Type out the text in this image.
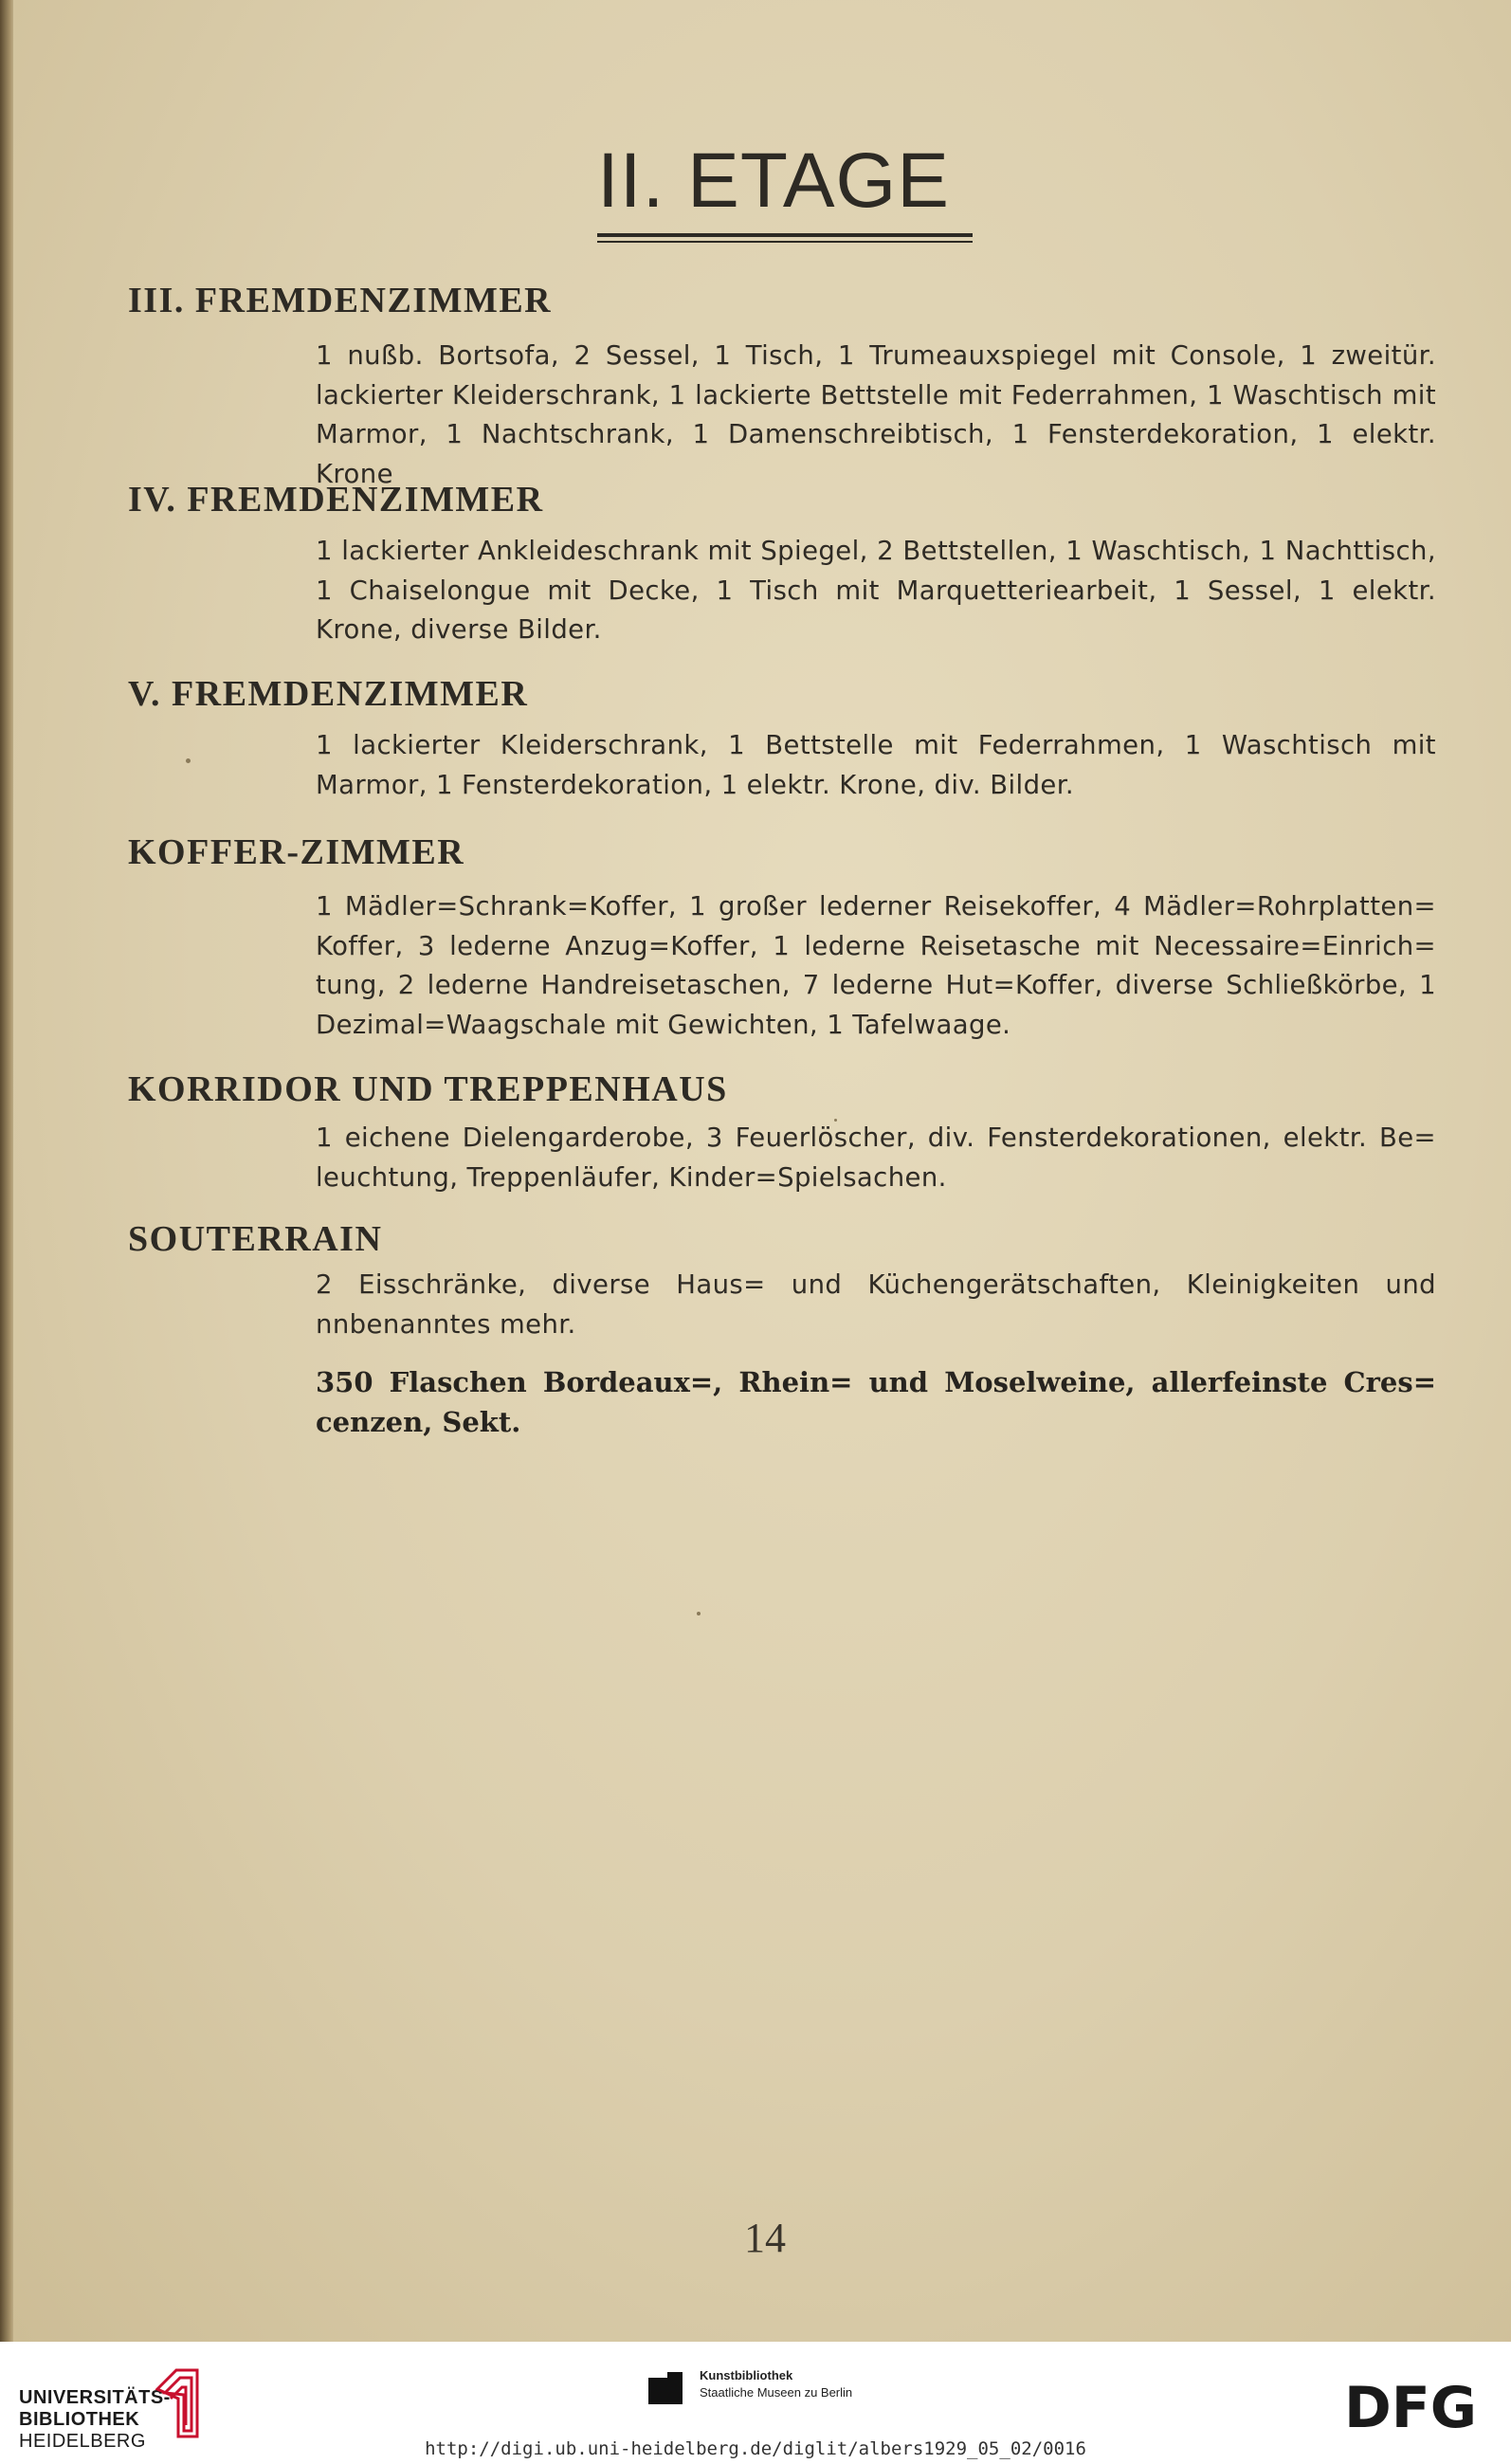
II. ETAGE
III. FREMDENZIMMER

1 nußb. Bortsofa, 2 Sessel, 1 Tisch, 1 Trumeauxspiegel mit Console, 1 zweitür. lackierter Kleiderschrank, 1 lackierte Bettstelle mit Federrahmen, 1 Waschtisch mit Marmor, 1 Nachtschrank, 1 Damenschreibtisch, 1 Fensterdekoration, 1 elektr. Krone

IV. FREMDENZIMMER

1 lackierter Ankleideschrank mit Spiegel, 2 Bettstellen, 1 Waschtisch, 1 Nachttisch, 1 Chaiselongue mit Decke, 1 Tisch mit Marquetteriearbeit, 1 Sessel, 1 elektr. Krone, diverse Bilder.

V. FREMDENZIMMER

1 lackierter Kleiderschrank, 1 Bettstelle mit Federrahmen, 1 Waschtisch mit Marmor, 1 Fensterdekoration, 1 elektr. Krone, div. Bilder.

KOFFER-ZIMMER

1 Mädler=Schrank=Koffer, 1 großer lederner Reisekoffer, 4 Mädler=Rohrplatten= Koffer, 3 lederne Anzug=Koffer, 1 lederne Reisetasche mit Necessaire=Einrich= tung, 2 lederne Handreisetaschen, 7 lederne Hut=Koffer, diverse Schließkörbe, 1 Dezimal=Waagschale mit Gewichten, 1 Tafelwaage.

KORRIDOR UND TREPPENHAUS

1 eichene Dielengarderobe, 3 Feuerlöscher, div. Fensterdekorationen, elektr. Be= leuchtung, Treppenläufer, Kinder=Spielsachen.

SOUTERRAIN

2 Eisschränke, diverse Haus= und Küchengerätschaften, Kleinigkeiten und nnbenanntes mehr.

350 Flaschen Bordeaux=, Rhein= und Moselweine, allerfeinste Cres= cenzen, Sekt.

14
UNIVERSITÄTS-
BIBLIOTHEK
HEIDELBERG
Kunstbibliothek
Staatliche Museen zu Berlin	DFG
http://digi.ub.uni-heidelberg.de/diglit/albers1929_05_02/0016
